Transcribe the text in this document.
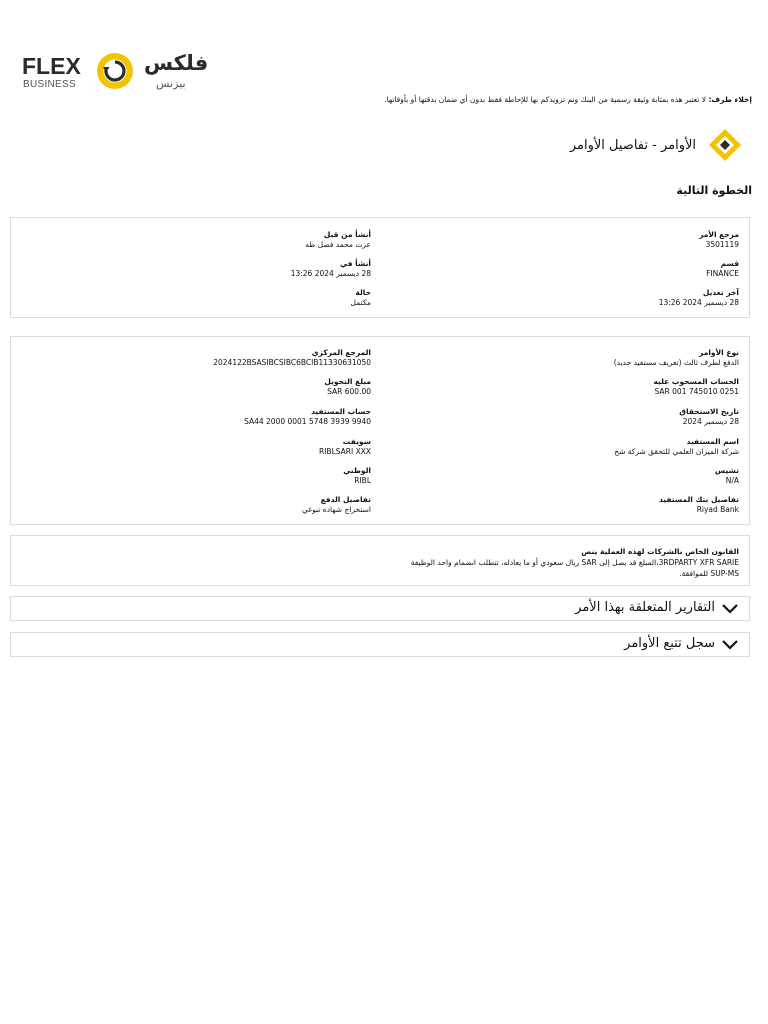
FLEX
BUSINESS
فلكس
بيزنس
إخلاء طرف: لا تعتبر هذه بمثابة وثيقة رسمية من البنك وتم تزويدكم بها للإحاطة فقط بدون أي ضمان بدقتها أو بأوقاتها.
الأوامر - تفاصيل الأوامر
الخطوة التالية
مرجع الأمر
3501119
قسم
FINANCE
آخر تعديل
28 ديسمبر 2024 13:26
أنشأ من قبل
عزت محمد فضل طه
أنشأ في
28 ديسمبر 2024 13:26
حالة
مكتمل
نوع الأوامر
الدفع لطرف ثالث (تعريف مستفيد جديد)
الحساب المسحوب عليه
0251 745010 001 SAR
تاريخ الاستحقاق
28 ديسمبر 2024
اسم المستفيد
شركة الميزان العلمي للتحقق شركة شخ
تشيس
N/A
تفاصيل بنك المستفيد
Riyad Bank
المرجع المركزي
2024122BSASIBCSIBC6BCIB11330631050
مبلغ التحويل
SAR 600.00
حساب المستفيد
SA44 2000 0001 5748 3939 9940
سويفت
RIBLSARI XXX
الوطني
RIBL
تفاصيل الدفع
استخراج شهاده تبوغي
القانون الخاص بالشركات لهذه العملية ينص
3RDPARTY XFR SARIE،المبلغ قد يصل إلى SAR ريال سعودي أو ما يعادله، تتطلب انضمام واحد الوظيفة SUP-MS للموافقة.
التقارير المتعلقة بهذا الأمر
سجل تتبع الأوامر
